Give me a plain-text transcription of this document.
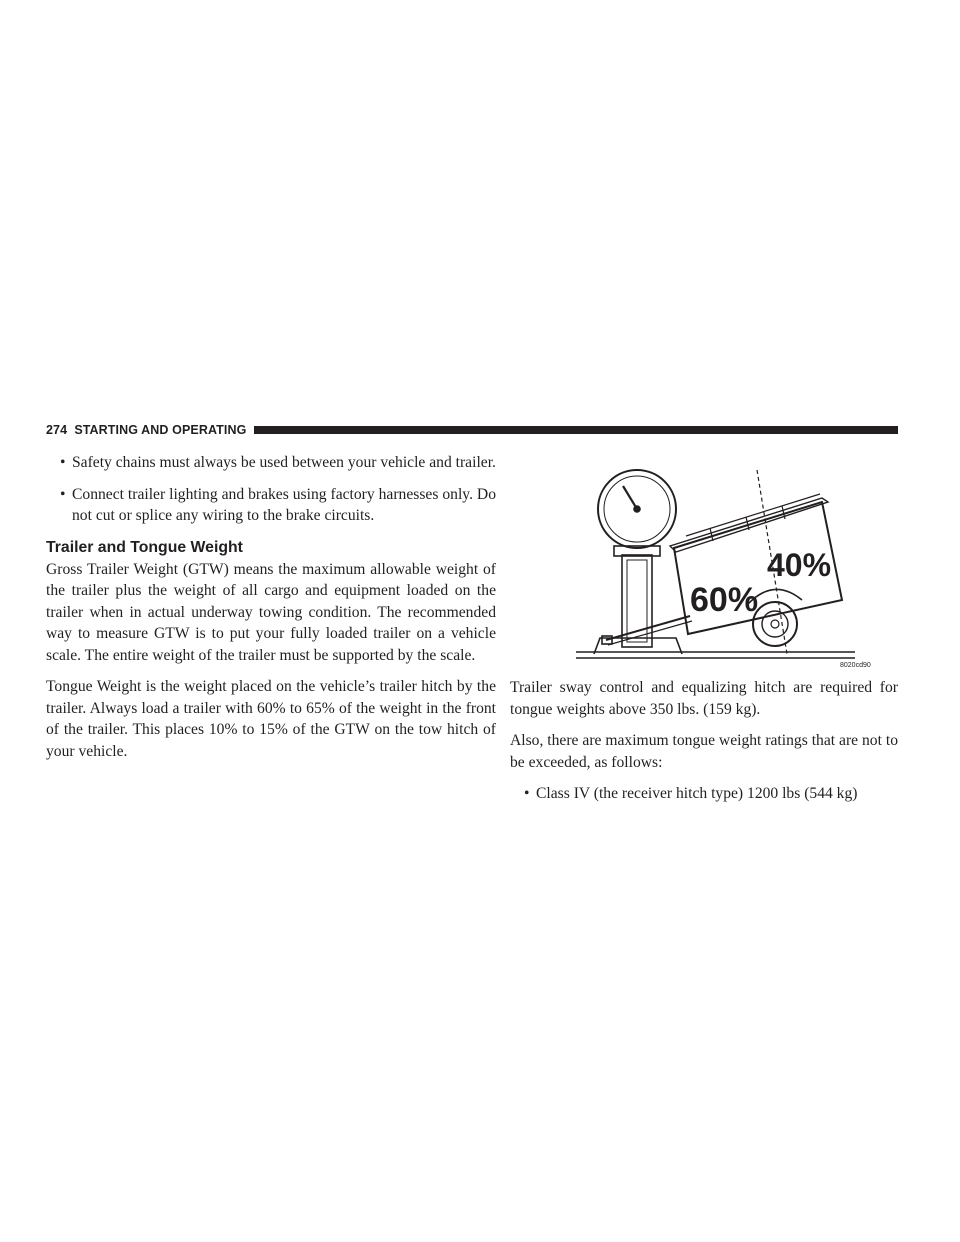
274 STARTING AND OPERATING
• Safety chains must always be used between your vehicle and trailer.
• Connect trailer lighting and brakes using factory harnesses only. Do not cut or splice any wiring to the brake circuits.
Trailer and Tongue Weight

Gross Trailer Weight (GTW) means the maximum allowable weight of the trailer plus the weight of all cargo and equipment loaded on the trailer when in actual underway towing condition. The recommended way to measure GTW is to put your fully loaded trailer on a vehicle scale. The entire weight of the trailer must be supported by the scale.

Tongue Weight is the weight placed on the vehicle’s trailer hitch by the trailer. Always load a trailer with 60% to 65% of the weight in the front of the trailer. This places 10% to 15% of the GTW on the tow hitch of your vehicle.

60%
40%
8020cd90

Trailer sway control and equalizing hitch are required for tongue weights above 350 lbs. (159 kg).

Also, there are maximum tongue weight ratings that are not to be exceeded, as follows:

• Class IV (the receiver hitch type) 1200 lbs (544 kg)
